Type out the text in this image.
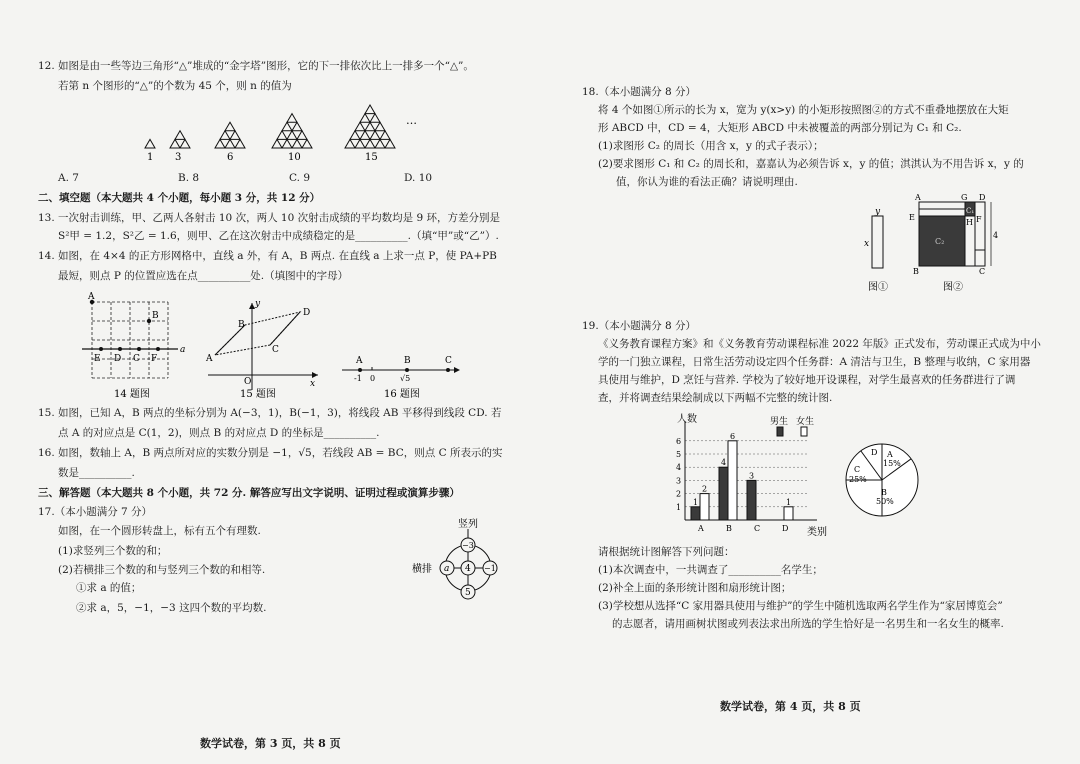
12. 如图是由一些等边三角形“△”堆成的“金字塔”图形，它的下一排依次比上一排多一个“△”。
若第 n 个图形的“△”的个数为 45 个，则 n 的值为
1 3	6	10	15
…
A. 7	B. 8	C. 9	D. 10
二、填空题（本大题共 4 个小题，每小题 3 分，共 12 分）
13. 一次射击训练，甲、乙两人各射击 10 次，两人 10 次射击成绩的平均数均是 9 环，方差分别是
S²甲 = 1.2，S²乙 = 1.6，则甲、乙在这次射击中成绩稳定的是__________.（填“甲”或“乙”）.
14. 如图，在 4×4 的正方形网格中，直线 a 外，有 A，B 两点. 在直线 a 上求一点 P，使 PA+PB
最短，则点 P 的位置应选在点__________处.（填图中的字母）
A
B
E D C F
a
14 题图
y
D
B
C
A
O	x
15 题图
A	B	C
-1 0	√5
16 题图
15. 如图，已知 A，B 两点的坐标分别为 A(−3，1)，B(−1，3)，将线段 AB 平移得到线段 CD. 若
点 A 的对应点是 C(1，2)，则点 B 的对应点 D 的坐标是__________.
16. 如图，数轴上 A，B 两点所对应的实数分别是 −1，√5，若线段 AB = BC，则点 C 所表示的实
数是__________.
三、解答题（本大题共 8 个小题，共 72 分. 解答应写出文字说明、证明过程或演算步骤）
17.（本小题满分 7 分）
如图，在一个圆形转盘上，标有五个有理数.
(1)求竖列三个数的和；
(2)若横排三个数的和与竖列三个数的和相等.
①求 a 的值；
②求 a，5，−1，−3 这四个数的平均数.
竖列
横排
−3
a 4 −1
5
数学试卷，第 3 页，共 8 页
18.（本小题满分 8 分）
将 4 个如图①所示的长为 x，宽为 y(x>y) 的小矩形按照图②的方式不重叠地摆放在大矩
形 ABCD 中，CD = 4，大矩形 ABCD 中未被覆盖的两部分别记为 C₁ 和 C₂.
(1)求图形 C₂ 的周长（用含 x，y 的式子表示）；
(2)要求图形 C₁ 和 C₂ 的周长和，嘉嘉认为必须告诉 x，y 的值；淇淇认为不用告诉 x，y 的
值，你认为谁的看法正确？请说明理由.
y
x
图①
A	G D
C₁
E
H F
C₂
4
B	C
图②
19.（本小题满分 8 分）
《义务教育课程方案》和《义务教育劳动课程标准 2022 年版》正式发布，劳动课正式成为中小
学的一门独立课程，日常生活劳动设定四个任务群：A 清洁与卫生，B 整理与收纳，C 家用器
具使用与维护，D 烹饪与营养. 学校为了较好地开设课程，对学生最喜欢的任务群进行了调
查，并将调查结果绘制成以下两幅不完整的统计图.
1
2
4
6
3
1
1
2
3
4
5
6
A	B	C	D
人数
类别
男生 女生
D A
15%
C
25%
B
50%
请根据统计图解答下列问题：
(1)本次调查中，一共调查了__________名学生；
(2)补全上面的条形统计图和扇形统计图；
(3)学校想从选择“C 家用器具使用与维护”的学生中随机选取两名学生作为“家居博览会”
的志愿者，请用画树状图或列表法求出所选的学生恰好是一名男生和一名女生的概率.
数学试卷，第 4 页，共 8 页
